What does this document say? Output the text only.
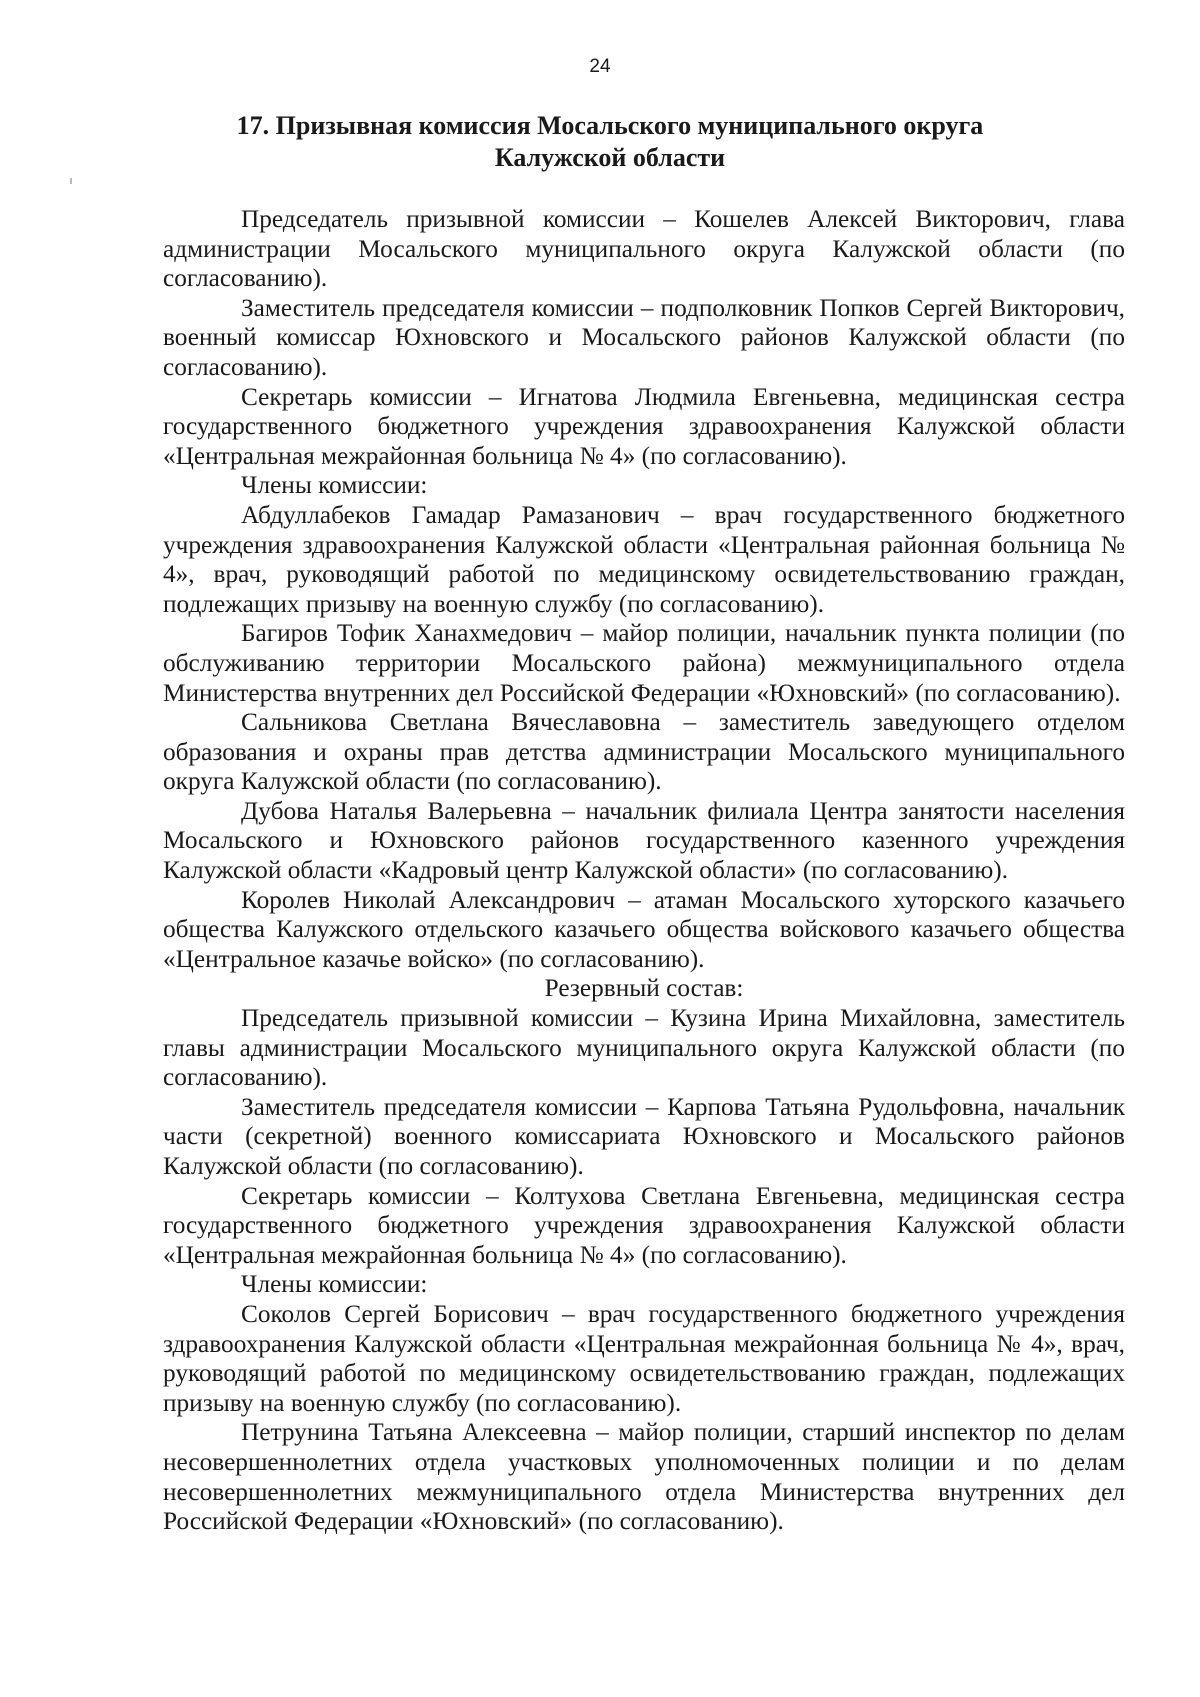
24
17. Призывная комиссия Мосальского муниципального округа
Калужской области

Председатель призывной комиссии – Кошелев Алексей Викторович, глава администрации Мосальского муниципального округа Калужской области (по согласованию).

Заместитель председателя комиссии – подполковник Попков Сергей Викторович, военный комиссар Юхновского и Мосальского районов Калужской области (по согласованию).

Секретарь комиссии – Игнатова Людмила Евгеньевна, медицинская сестра государственного бюджетного учреждения здравоохранения Калужской области «Центральная межрайонная больница № 4» (по согласованию).

Члены комиссии:

Абдуллабеков Гамадар Рамазанович – врач государственного бюджетного учреждения здравоохранения Калужской области «Центральная районная больница № 4», врач, руководящий работой по медицинскому освидетельствованию граждан, подлежащих призыву на военную службу (по согласованию).

Багиров Тофик Ханахмедович – майор полиции, начальник пункта полиции (по обслуживанию территории Мосальского района) межмуниципального отдела Министерства внутренних дел Российской Федерации «Юхновский» (по согласованию).

Сальникова Светлана Вячеславовна – заместитель заведующего отделом образования и охраны прав детства администрации Мосальского муниципального округа Калужской области (по согласованию).

Дубова Наталья Валерьевна – начальник филиала Центра занятости населения Мосальского и Юхновского районов государственного казенного учреждения Калужской области «Кадровый центр Калужской области» (по согласованию).

Королев Николай Александрович – атаман Мосальского хуторского казачьего общества Калужского отдельского казачьего общества войскового казачьего общества «Центральное казачье войско» (по согласованию).

Резервный состав:

Председатель призывной комиссии – Кузина Ирина Михайловна, заместитель главы администрации Мосальского муниципального округа Калужской области (по согласованию).

Заместитель председателя комиссии – Карпова Татьяна Рудольфовна, начальник части (секретной) военного комиссариата Юхновского и Мосальского районов Калужской области (по согласованию).

Секретарь комиссии – Колтухова Светлана Евгеньевна, медицинская сестра государственного бюджетного учреждения здравоохранения Калужской области «Центральная межрайонная больница № 4» (по согласованию).

Члены комиссии:

Соколов Сергей Борисович – врач государственного бюджетного учреждения здравоохранения Калужской области «Центральная межрайонная больница № 4», врач, руководящий работой по медицинскому освидетельствованию граждан, подлежащих призыву на военную службу (по согласованию).

Петрунина Татьяна Алексеевна – майор полиции, старший инспектор по делам несовершеннолетних отдела участковых уполномоченных полиции и по делам несовершеннолетних межмуниципального отдела Министерства внутренних дел Российской Федерации «Юхновский» (по согласованию).
